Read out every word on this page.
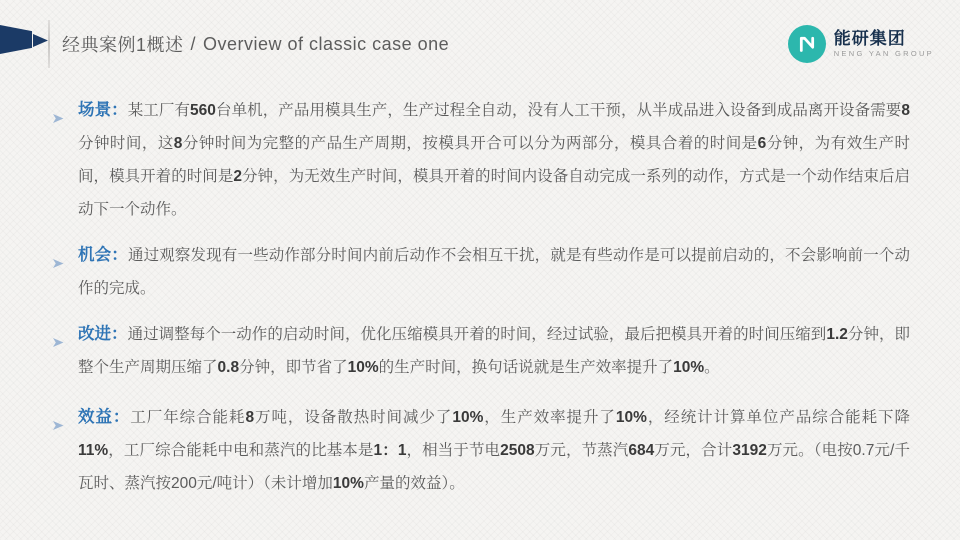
经典案例1概述 / Overview of classic case one	能研集团
NENG YAN GROUP

场景：某工厂有560台单机，产品用模具生产，生产过程全自动，没有人工干预，从半成品进入设备到成品离开设备需要8分钟时间，这8分钟时间为完整的产品生产周期，按模具开合可以分为两部分，模具合着的时间是6分钟，为有效生产时间，模具开着的时间是2分钟，为无效生产时间，模具开着的时间内设备自动完成一系列的动作，方式是一个动作结束后启动下一个动作。

机会：通过观察发现有一些动作部分时间内前后动作不会相互干扰，就是有些动作是可以提前启动的，不会影响前一个动作的完成。

改进：通过调整每个一动作的启动时间，优化压缩模具开着的时间，经过试验，最后把模具开着的时间压缩到1.2分钟，即整个生产周期压缩了0.8分钟，即节省了10%的生产时间，换句话说就是生产效率提升了10%。

效益：工厂年综合能耗8万吨，设备散热时间减少了10%，生产效率提升了10%，经统计计算单位产品综合能耗下降11%，工厂综合能耗中电和蒸汽的比基本是1：1，相当于节电2508万元，节蒸汽684万元，合计3192万元。（电按0.7元/千瓦时、蒸汽按200元/吨计）（未计增加10%产量的效益）。
